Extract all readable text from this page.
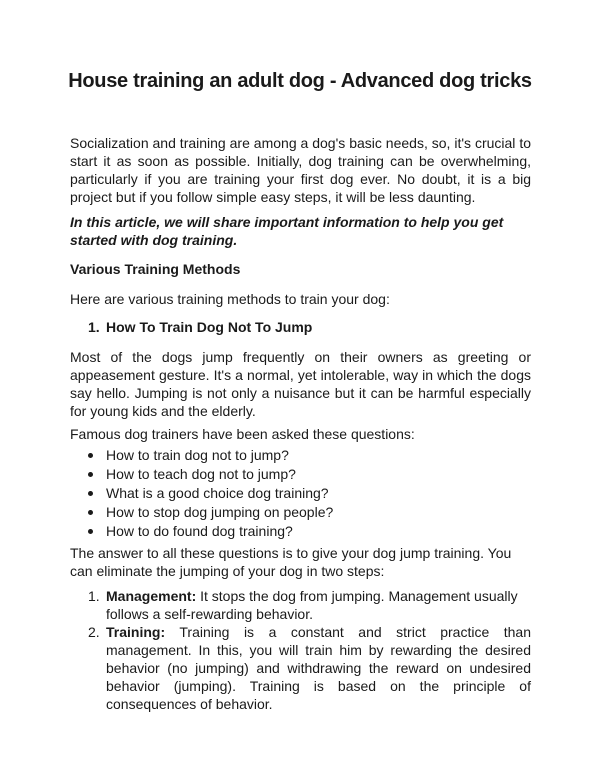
House training an adult dog - Advanced dog tricks

Socialization and training are among a dog's basic needs, so, it's crucial to start it as soon as possible. Initially, dog training can be overwhelming, particularly if you are training your first dog ever. No doubt, it is a big project but if you follow simple easy steps, it will be less daunting.

In this article, we will share important information to help you get started with dog training.

Various Training Methods

Here are various training methods to train your dog:

1. How To Train Dog Not To Jump

Most of the dogs jump frequently on their owners as greeting or appeasement gesture. It's a normal, yet intolerable, way in which the dogs say hello. Jumping is not only a nuisance but it can be harmful especially for young kids and the elderly.

Famous dog trainers have been asked these questions:

How to train dog not to jump?
How to teach dog not to jump?
What is a good choice dog training?
How to stop dog jumping on people?
How to do found dog training?

The answer to all these questions is to give your dog jump training. You can eliminate the jumping of your dog in two steps:

1. Management: It stops the dog from jumping. Management usually follows a self-rewarding behavior.
2. Training: Training is a constant and strict practice than management. In this, you will train him by rewarding the desired behavior (no jumping) and withdrawing the reward on undesired behavior (jumping). Training is based on the principle of consequences of behavior.
